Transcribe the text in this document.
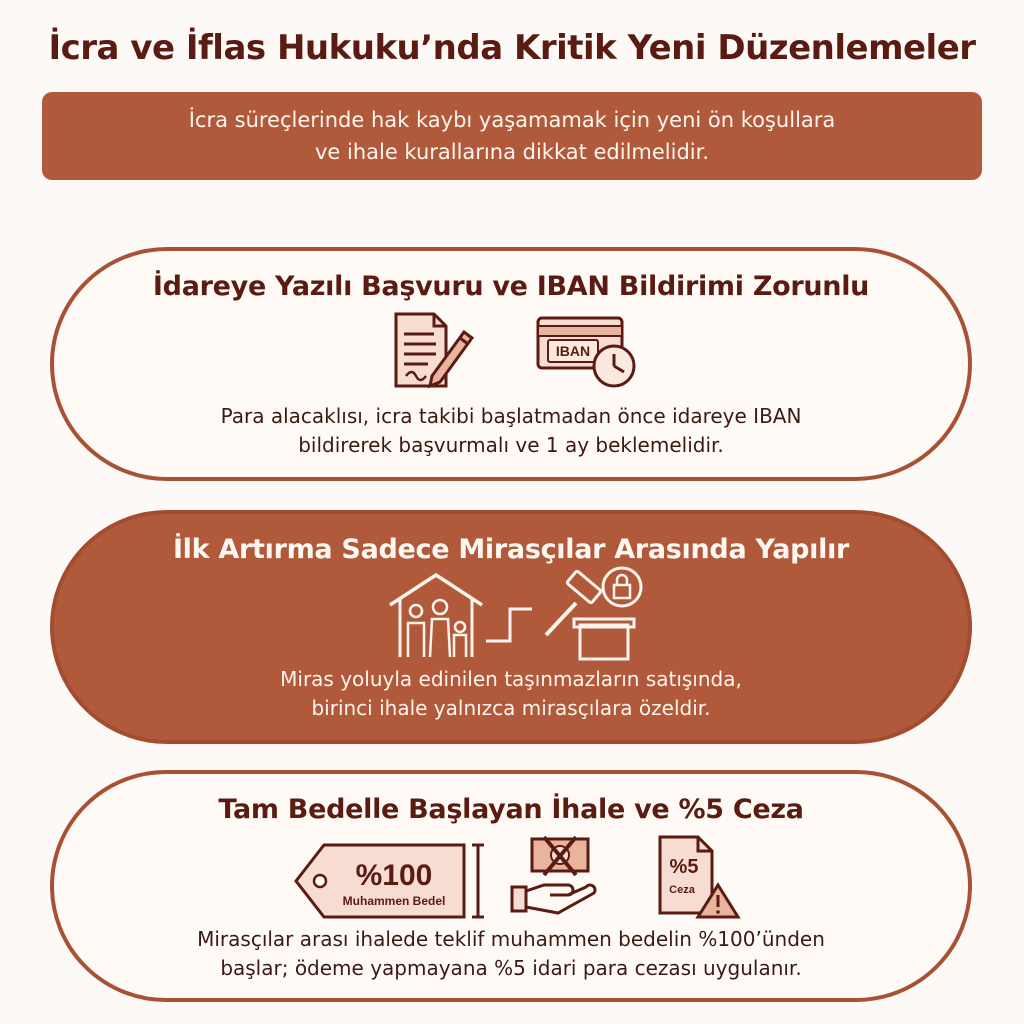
İcra ve İflas Hukuku’nda Kritik Yeni Düzenlemeler
İcra süreçlerinde hak kaybı yaşamamak için yeni ön koşullara
ve ihale kurallarına dikkat edilmelidir.
İdareye Yazılı Başvuru ve IBAN Bildirimi Zorunlu
IBAN
Para alacaklısı, icra takibi başlatmadan önce idareye IBAN
bildirerek başvurmalı ve 1 ay beklemelidir.
İlk Artırma Sadece Mirasçılar Arasında Yapılır
Miras yoluyla edinilen taşınmazların satışında,
birinci ihale yalnızca mirasçılara özeldir.
Tam Bedelle Başlayan İhale ve %5 Ceza
%100
Muhammen Bedel
%5
Ceza
Mirasçılar arası ihalede teklif muhammen bedelin %100’ünden
başlar; ödeme yapmayana %5 idari para cezası uygulanır.
